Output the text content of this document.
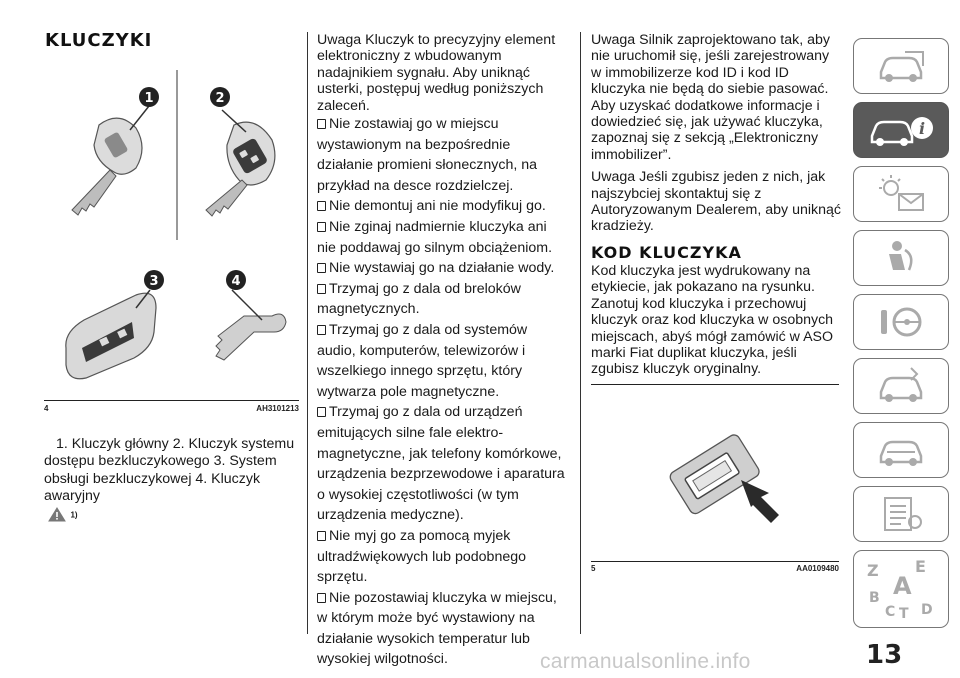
KLUCZYKI
1	2
3	4
4	AH3101213

1. Kluczyk główny 2. Kluczyk systemu dostępu bezkluczykowego 3. System obsługi bezkluczykowej 4. Kluczyk awaryjny

1)

Uwaga Kluczyk to precyzyjny element elektroniczny z wbudowanym nadajnikiem sygnału. Aby uniknąć usterki, postępuj według poniższych zaleceń.

Nie zostawiaj go w miejscu wystawionym na bezpośrednie działanie promieni słonecznych, na przykład na desce rozdzielczej.

Nie demontuj ani nie modyfikuj go.

Nie zginaj nadmiernie kluczyka ani nie poddawaj go silnym obciążeniom.

Nie wystawiaj go na działanie wody.

Trzymaj go z dala od breloków magnetycznych.

Trzymaj go z dala od systemów audio, komputerów, telewizorów i wszelkiego innego sprzętu, który wytwarza pole magnetyczne.

Trzymaj go z dala od urządzeń emitujących silne fale elektro-magnetyczne, jak telefony komórkowe, urządzenia bezprzewodowe i aparatura o wysokiej częstotliwości (w tym urządzenia medyczne).

Nie myj go za pomocą myjek ultradźwiękowych lub podobnego sprzętu.

Nie pozostawiaj kluczyka w miejscu, w którym może być wystawiony na działanie wysokich temperatur lub wysokiej wilgotności.

Uwaga Silnik zaprojektowano tak, aby nie uruchomił się, jeśli zarejestrowany w immobilizerze kod ID i kod ID kluczyka nie będą do siebie pasować. Aby uzyskać dodatkowe informacje i dowiedzieć się, jak używać kluczyka, zapoznaj się z sekcją „Elektroniczny immobilizer”.

Uwaga Jeśli zgubisz jeden z nich, jak najszybciej skontaktuj się z Autoryzowanym Dealerem, aby uniknąć kradzieży.

KOD KLUCZYKA

Kod kluczyka jest wydrukowany na etykiecie, jak pokazano na rysunku. Zanotuj kod kluczyka i przechowuj kluczyk oraz kod kluczyka w osobnych miejscach, abyś mógł zamówić w ASO marki Fiat duplikat kluczyka, jeśli zgubisz kluczyk oryginalny.

5	AA0109480
i
Z E
A
B
C T D
13
carmanualsonline.info
